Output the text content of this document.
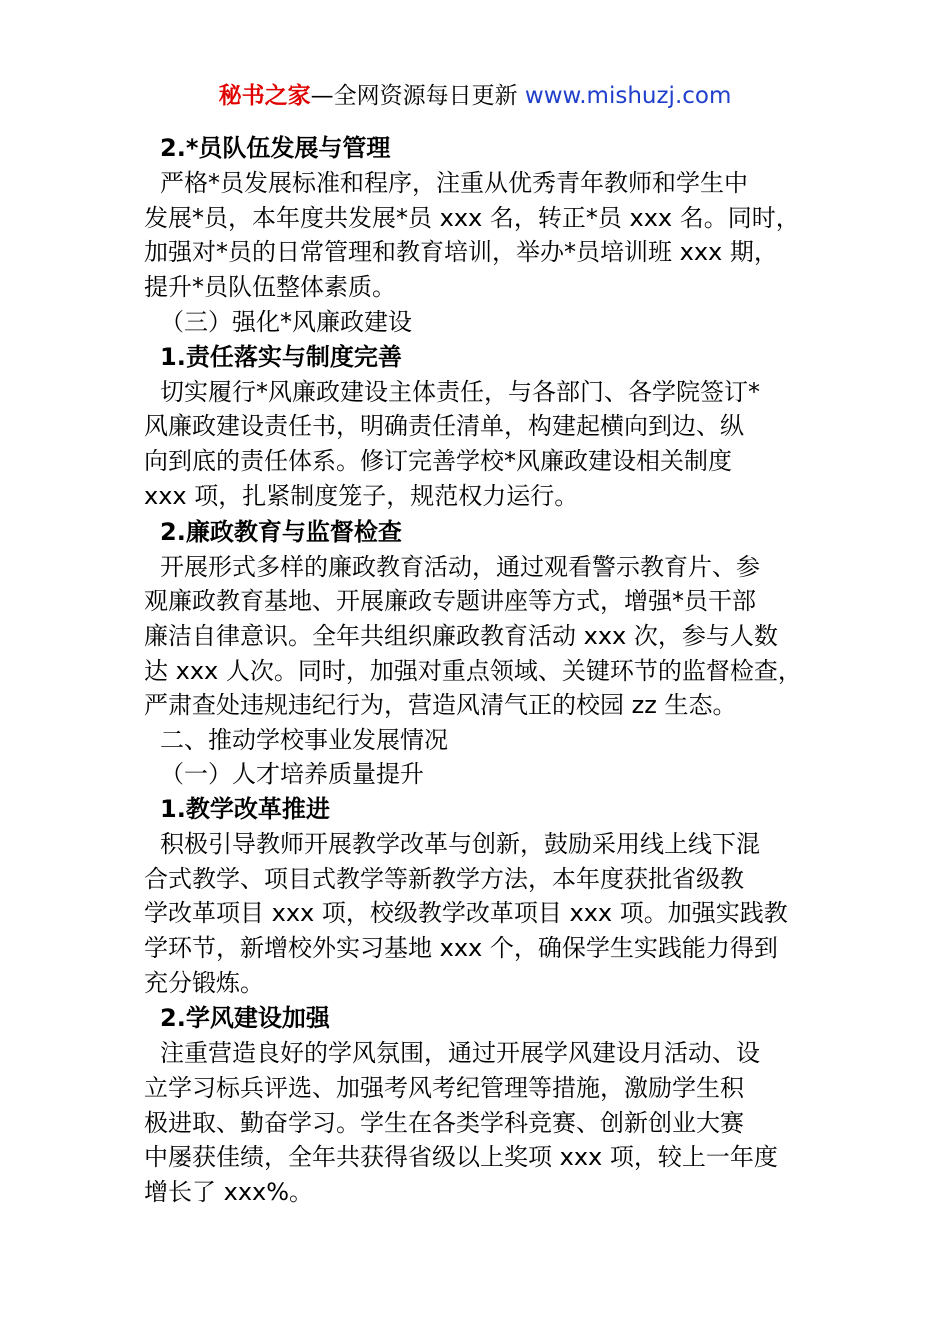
秘书之家—全网资源每日更新 www.mishuzj.com
2.*员队伍发展与管理
严格*员发展标准和程序，注重从优秀青年教师和学生中
发展*员，本年度共发展*员 xxx 名，转正*员 xxx 名。同时，
加强对*员的日常管理和教育培训，举办*员培训班 xxx 期，
提升*员队伍整体素质。
（三）强化*风廉政建设
1.责任落实与制度完善
切实履行*风廉政建设主体责任，与各部门、各学院签订*
风廉政建设责任书，明确责任清单，构建起横向到边、纵
向到底的责任体系。修订完善学校*风廉政建设相关制度
xxx 项，扎紧制度笼子，规范权力运行。
2.廉政教育与监督检查
开展形式多样的廉政教育活动，通过观看警示教育片、参
观廉政教育基地、开展廉政专题讲座等方式，增强*员干部
廉洁自律意识。全年共组织廉政教育活动 xxx 次，参与人数
达 xxx 人次。同时，加强对重点领域、关键环节的监督检查，
严肃查处违规违纪行为，营造风清气正的校园 zz 生态。
二、推动学校事业发展情况
（一）人才培养质量提升
1.教学改革推进
积极引导教师开展教学改革与创新，鼓励采用线上线下混
合式教学、项目式教学等新教学方法，本年度获批省级教
学改革项目 xxx 项，校级教学改革项目 xxx 项。加强实践教
学环节，新增校外实习基地 xxx 个，确保学生实践能力得到
充分锻炼。
2.学风建设加强
注重营造良好的学风氛围，通过开展学风建设月活动、设
立学习标兵评选、加强考风考纪管理等措施，激励学生积
极进取、勤奋学习。学生在各类学科竞赛、创新创业大赛
中屡获佳绩，全年共获得省级以上奖项 xxx 项，较上一年度
增长了 xxx%。
